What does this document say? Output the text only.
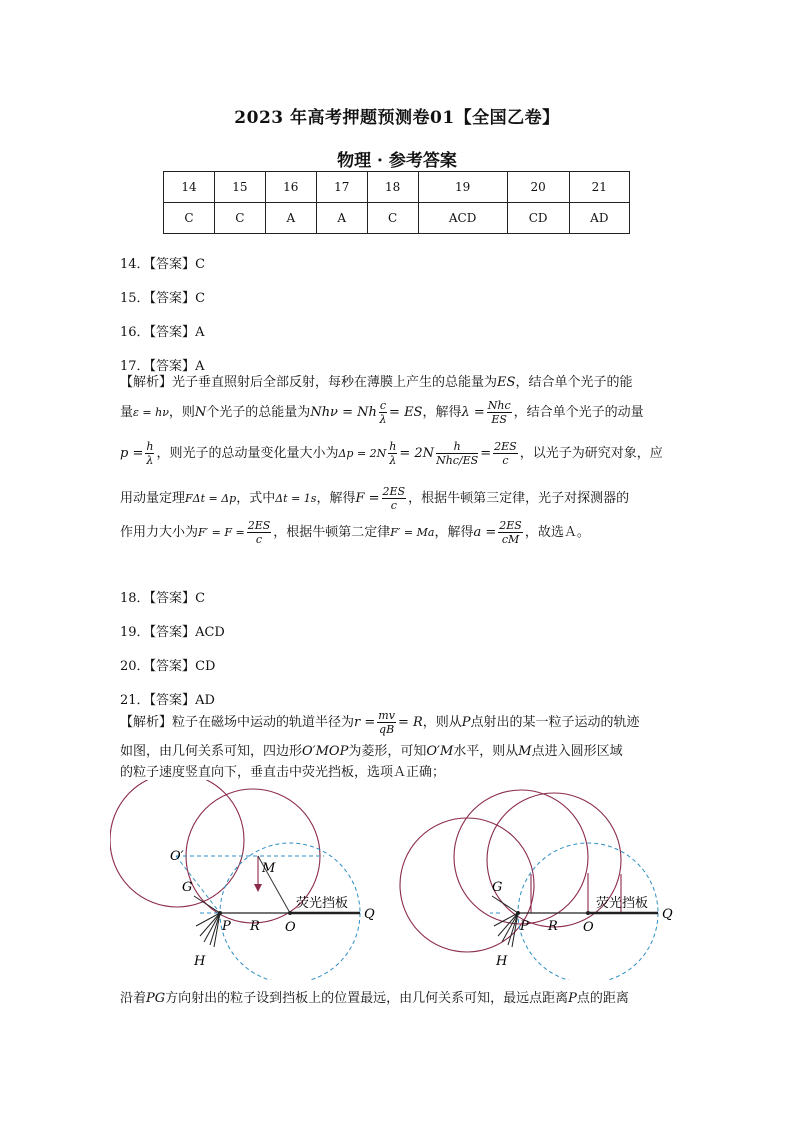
2023 年高考押题预测卷01【全国乙卷】
物理 · 参考答案
14	15	16	17	18	19	20	21
C	C	A	A	C	ACD	CD	AD
14．【答案】C
15．【答案】C
16．【答案】A
17．【答案】A
【解析】光子垂直照射后全部反射，每秒在薄膜上产生的总能量为ES，结合单个光子的能
量ε = hν，则N个光子的总能量为Nhν = Nh $\frac{c}{\lambda}$ = ES，解得$\lambda = \frac{\text{Nhc}}{ES}$ ，结合单个光子的动量
$p = \frac{h}{\lambda}$ ，则光子的总动量变化量大小为$\Delta p = 2N \frac{h}{\lambda} = 2N \frac{h}{\text{Nhc/ES}} = \frac{2ES}{c}$ ，以光子为研究对象，应
用动量定理FΔt = Δp，式中Δt = 1s，解得$F = \frac{2ES}{c}$ ，根据牛顿第三定律，光子对探测器的
作用力大小为$F' = F = \frac{2ES}{c}$ ，根据牛顿第二定律F′ = Ma，解得$a = \frac{2ES}{cM}$ ，故选Ａ。
18．【答案】C
19．【答案】ACD
20．【答案】CD
21．【答案】AD
【解析】粒子在磁场中运动的轨道半径为$r = \frac{mv}{qB} = R$，则从P点射出的某一粒子运动的轨迹
如图，由几何关系可知，四边形O′MOP为菱形，可知O′M水平，则从M点进入圆形区域
的粒子速度竖直向下，垂直击中荧光挡板，选项Ａ正确；
O′
M
G
P R O
Q
H
荧光挡板
G
P R O
Q
H
荧光挡板
沿着PG方向射出的粒子设到挡板上的位置最远，由几何关系可知，最远点距离P点的距离
